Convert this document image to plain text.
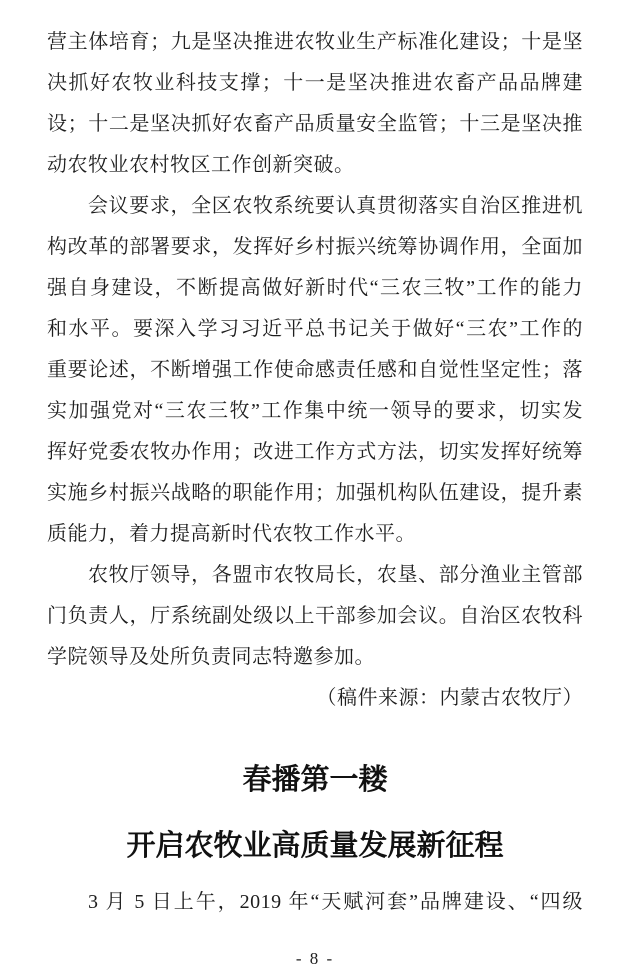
营主体培育；九是坚决推进农牧业生产标准化建设；十是坚
决抓好农牧业科技支撑；十一是坚决推进农畜产品品牌建
设；十二是坚决抓好农畜产品质量安全监管；十三是坚决推
动农牧业农村牧区工作创新突破。
会议要求，全区农牧系统要认真贯彻落实自治区推进机
构改革的部署要求，发挥好乡村振兴统筹协调作用，全面加
强自身建设，不断提高做好新时代“三农三牧”工作的能力
和水平。要深入学习习近平总书记关于做好“三农”工作的
重要论述，不断增强工作使命感责任感和自觉性坚定性；落
实加强党对“三农三牧”工作集中统一领导的要求，切实发
挥好党委农牧办作用；改进工作方式方法，切实发挥好统筹
实施乡村振兴战略的职能作用；加强机构队伍建设，提升素
质能力，着力提高新时代农牧工作水平。
农牧厅领导，各盟市农牧局长，农垦、部分渔业主管部
门负责人，厅系统副处级以上干部参加会议。自治区农牧科
学院领导及处所负责同志特邀参加。
（稿件来源：内蒙古农牧厅）
春播第一耧
开启农牧业高质量发展新征程
3 月 5 日上午，2019 年“天赋河套”品牌建设、“四级
- 8 -
